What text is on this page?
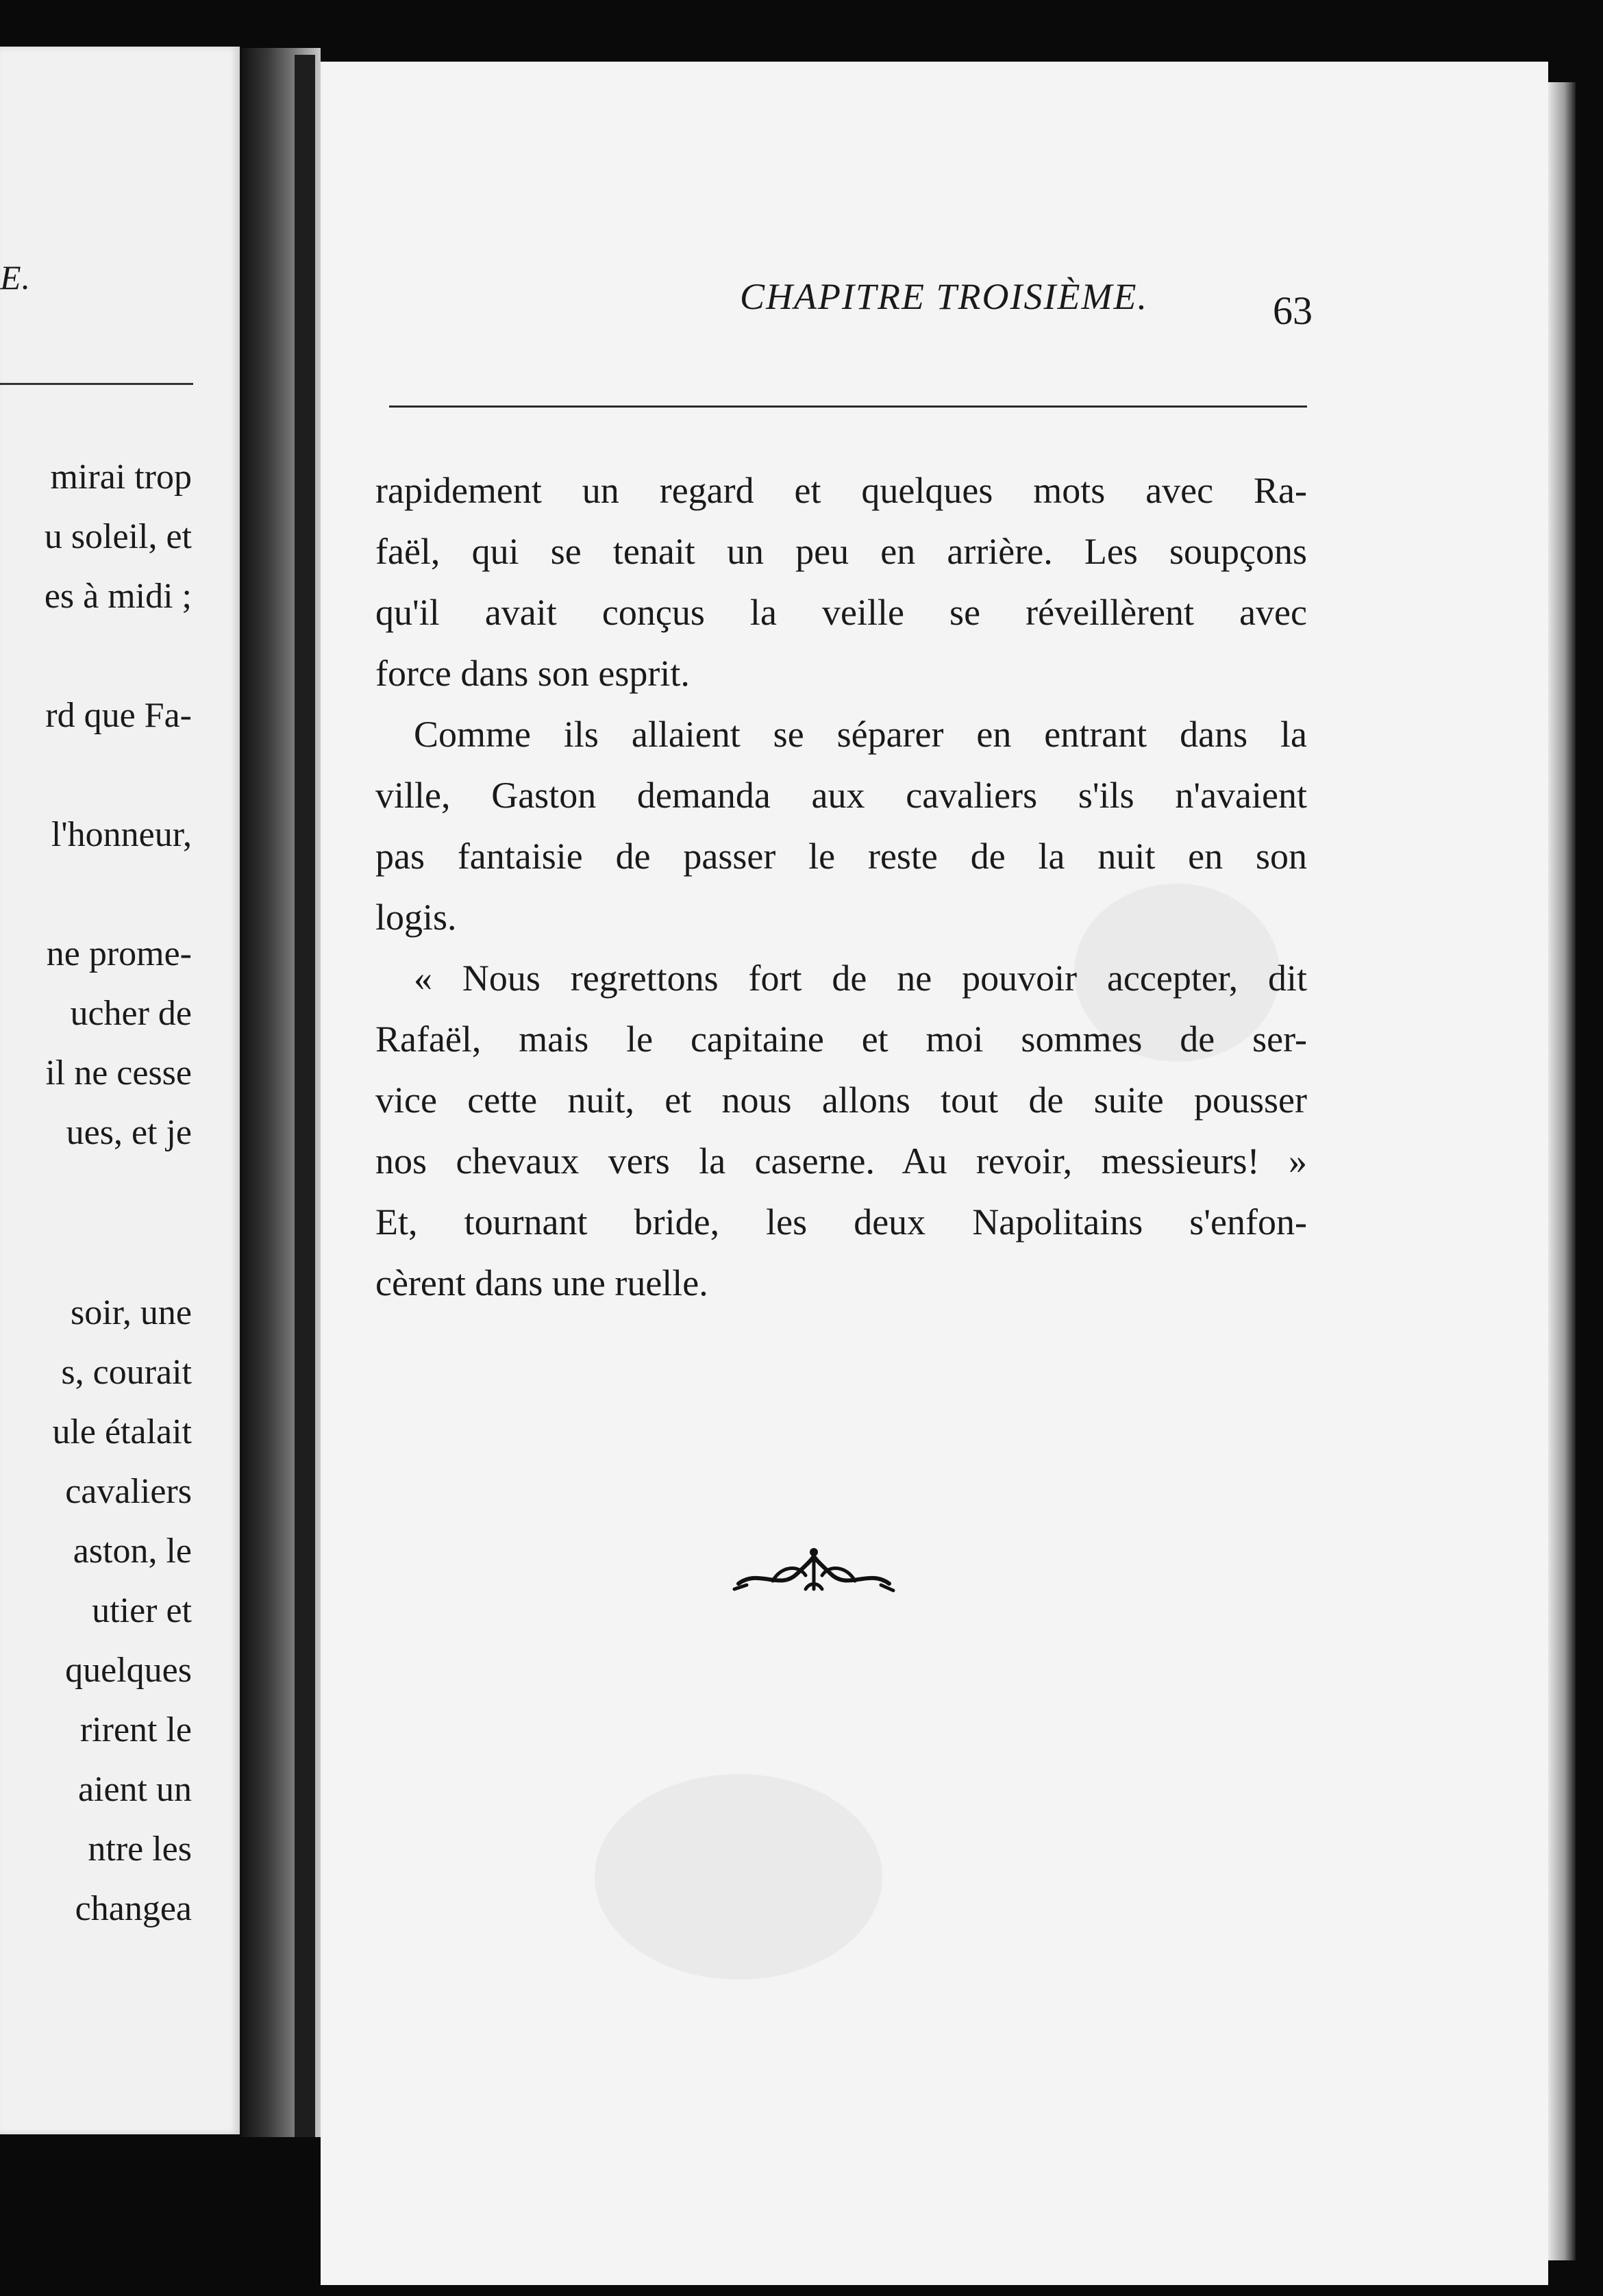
E.
mirai trop
u soleil, et
es à midi ;
rd que Fa-
l'honneur,
ne prome-
ucher de
il ne cesse
ues, et je
soir, une
s, courait
ule étalait
cavaliers
aston, le
utier et
quelques
rirent le
aient un
ntre les
changea
CHAPITRE TROISIÈME.	63
rapidement un regard et quelques mots avec Ra-
faël, qui se tenait un peu en arrière. Les soupçons
qu'il avait conçus la veille se réveillèrent avec
force dans son esprit.
Comme ils allaient se séparer en entrant dans la
ville, Gaston demanda aux cavaliers s'ils n'avaient
pas fantaisie de passer le reste de la nuit en son
logis.
« Nous regrettons fort de ne pouvoir accepter, dit
Rafaël, mais le capitaine et moi sommes de ser-
vice cette nuit, et nous allons tout de suite pousser
nos chevaux vers la caserne. Au revoir, messieurs! »
Et, tournant bride, les deux Napolitains s'enfon-
cèrent dans une ruelle.
